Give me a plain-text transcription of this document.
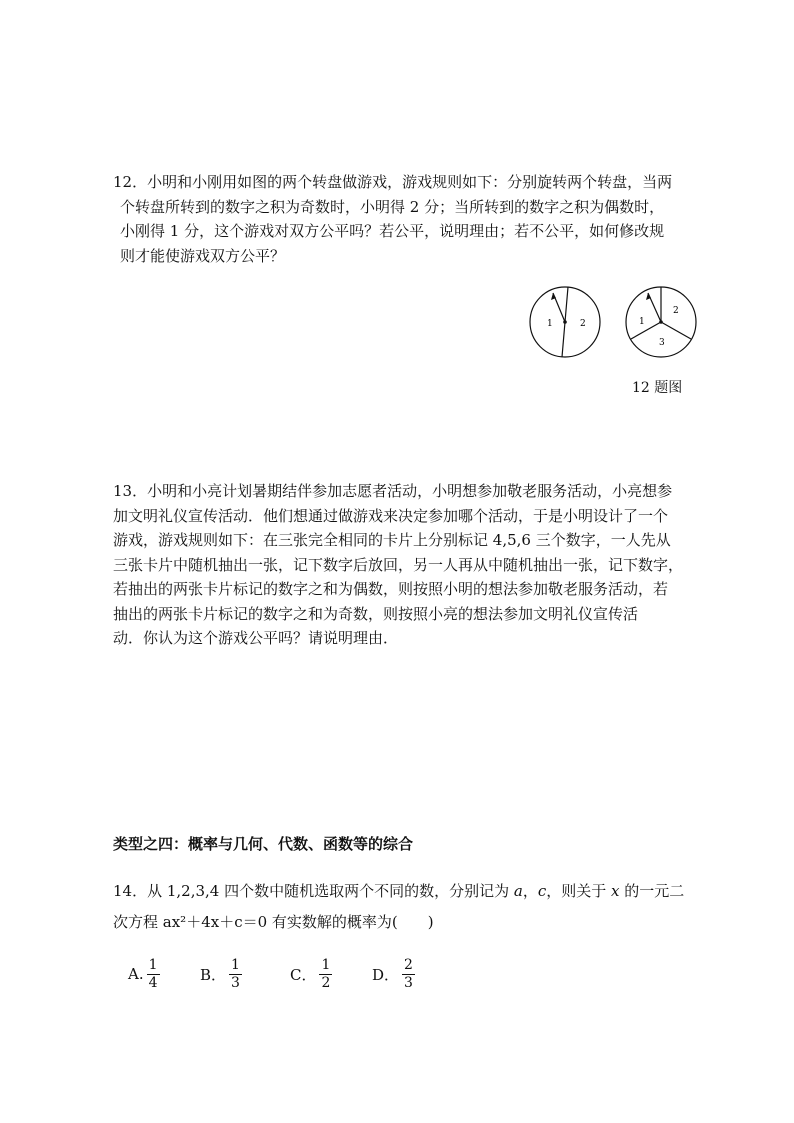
12．小明和小刚用如图的两个转盘做游戏，游戏规则如下：分别旋转两个转盘，当两
个转盘所转到的数字之积为奇数时，小明得 2 分；当所转到的数字之积为偶数时，
小刚得 1 分，这个游戏对双方公平吗？若公平，说明理由；若不公平，如何修改规
则才能使游戏双方公平？
1	2	1
2
3
12 题图
13．小明和小亮计划暑期结伴参加志愿者活动，小明想参加敬老服务活动，小亮想参
加文明礼仪宣传活动．他们想通过做游戏来决定参加哪个活动，于是小明设计了一个
游戏，游戏规则如下：在三张完全相同的卡片上分别标记 4,5,6 三个数字，一人先从
三张卡片中随机抽出一张，记下数字后放回，另一人再从中随机抽出一张，记下数字，
若抽出的两张卡片标记的数字之和为偶数，则按照小明的想法参加敬老服务活动，若
抽出的两张卡片标记的数字之和为奇数，则按照小亮的想法参加文明礼仪宣传活
动．你认为这个游戏公平吗？请说明理由．
类型之四：概率与几何、代数、函数等的综合
14．从 1,2,3,4 四个数中随机选取两个不同的数，分别记为 a，c，则关于 x 的一元二
次方程 ax²＋4x＋c＝0 有实数解的概率为(　　)
A. $\frac{1}{4}$	B． $\frac{1}{3}$	C． $\frac{1}{2}$	D． $\frac{2}{3}$
